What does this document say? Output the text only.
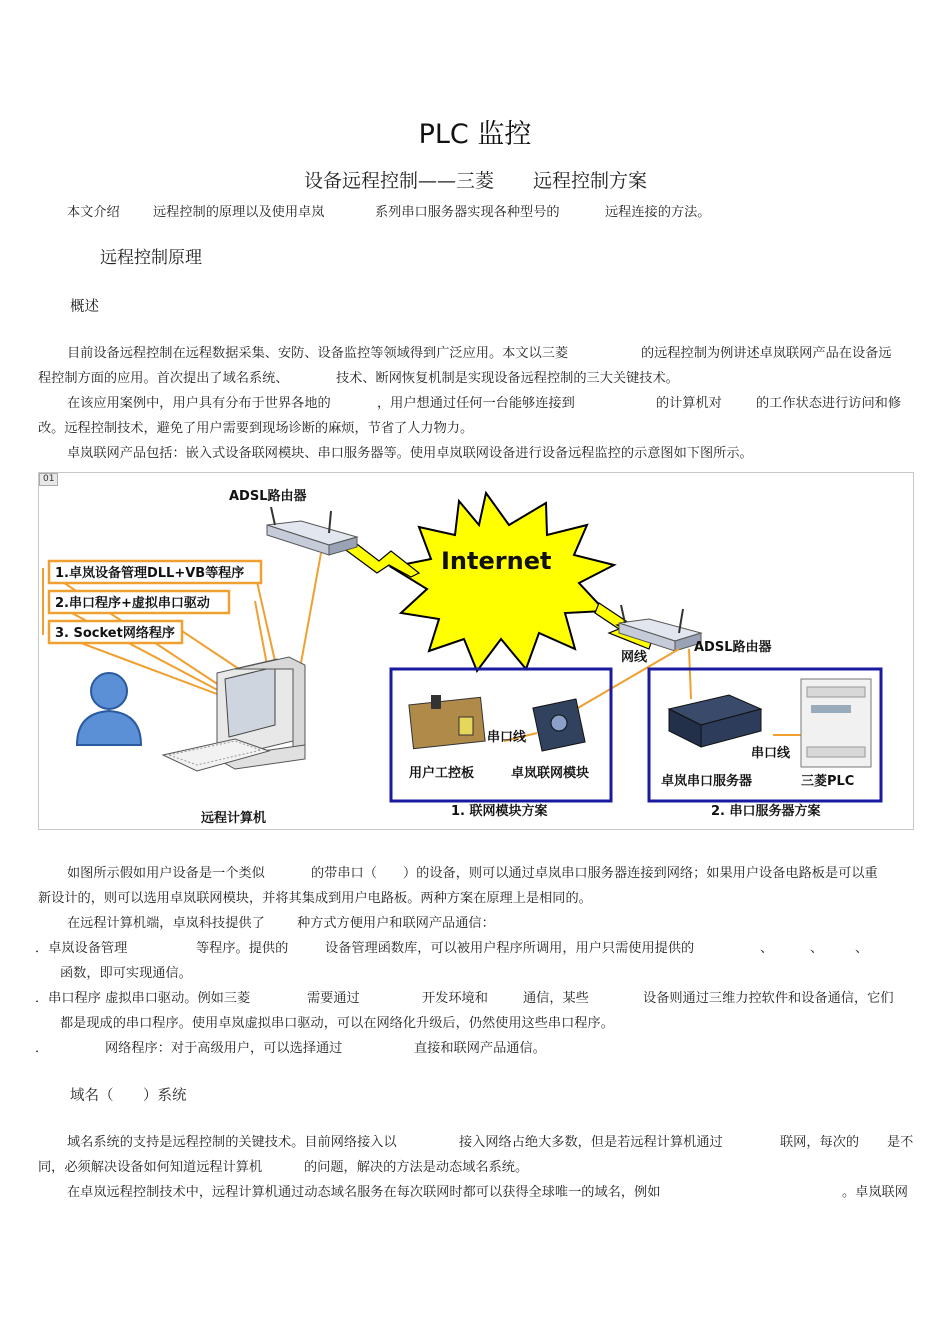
PLC 监控
设备远程控制——三菱 远程控制方案
本文介绍	远程控制的原理以及使用卓岚	系列串口服务器实现各种型号的	远程连接的方法。
远程控制原理
概述
目前设备远程控制在远程数据采集、安防、设备监控等领域得到广泛应用。本文以三菱	的远程控制为例讲述卓岚联网产品在设备远
程控制方面的应用。首次提出了域名系统、	技术、断网恢复机制是实现设备远程控制的三大关键技术。
在该应用案例中，用户具有分布于世界各地的	，用户想通过任何一台能够连接到	的计算机对	的工作状态进行访问和修
改。远程控制技术，避免了用户需要到现场诊断的麻烦，节省了人力物力。
卓岚联网产品包括：嵌入式设备联网模块、串口服务器等。使用卓岚联网设备进行设备远程监控的示意图如下图所示。
Internet
ADSL路由器
ADSL路由器
网线
1.卓岚设备管理DLL+VB等程序
2.串口程序+虚拟串口驱动
3. Socket网络程序
远程计算机
串口线
用户工控板	卓岚联网模块
1. 联网模块方案
串口线
卓岚串口服务器	三菱PLC
2. 串口服务器方案
01
如图所示假如用户设备是一个类似	的带串口（ ）的设备，则可以通过卓岚串口服务器连接到网络；如果用户设备电路板是可以重
新设计的，则可以选用卓岚联网模块，并将其集成到用户电路板。两种方案在原理上是相同的。
在远程计算机端，卓岚科技提供了 种方式方便用户和联网产品通信：
．卓岚设备管理	等程序。提供的	设备管理函数库，可以被用户程序所调用，用户只需使用提供的	、	、 、
函数，即可实现通信。
．串口程序 虚拟串口驱动。例如三菱	需要通过	开发环境和	通信，某些	设备则通过三维力控软件和设备通信，它们
都是现成的串口程序。使用卓岚虚拟串口驱动，可以在网络化升级后，仍然使用这些串口程序。
．	网络程序：对于高级用户，可以选择通过	直接和联网产品通信。
域名（ ）系统
域名系统的支持是远程控制的关键技术。目前网络接入以	接入网络占绝大多数，但是若远程计算机通过	联网，每次的 是不
同，必须解决设备如何知道远程计算机	的问题，解决的方法是动态域名系统。
在卓岚远程控制技术中，远程计算机通过动态域名服务在每次联网时都可以获得全球唯一的域名，例如	。卓岚联网
